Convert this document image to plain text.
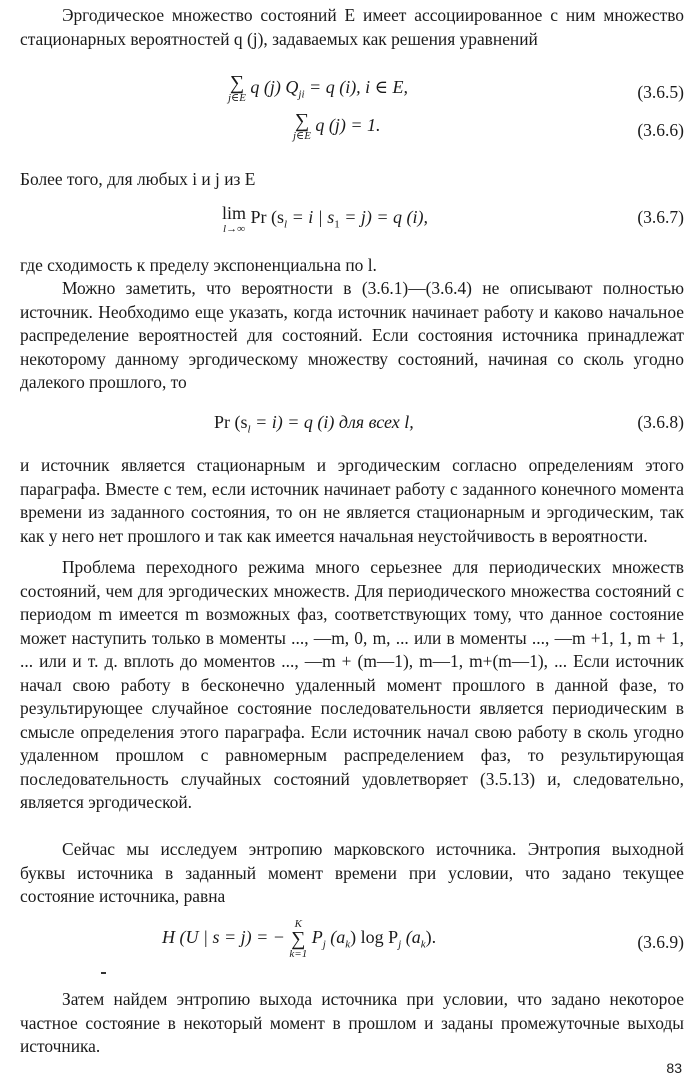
Эргодическое множество состояний E имеет ассоциированное с ним множество стационарных вероятностей q (j), задаваемых как решения уравнений

∑
j∈E
q (j) $Q_{ji} = q$ (i), i ∈ E,	(3.6.5)
∑
j∈E
q (j) = 1.	(3.6.6)

Более того, для любых i и j из E

lim
l→∞
Pr ($s_l = i$ | $s_1 = j) = q$ (i),	(3.6.7)

где сходимость к пределу экспоненциальна по l.

Можно заметить, что вероятности в (3.6.1)—(3.6.4) не описывают полностью источник. Необходимо еще указать, когда источник начинает работу и каково начальное распределение вероятностей для состояний. Если состояния источника принадлежат некоторому данному эргодическому множеству состояний, начиная со сколь угодно далекого прошлого, то

Pr $(s_l = i) = q$ (i) для всех l,	(3.6.8)

и источник является стационарным и эргодическим согласно определениям этого параграфа. Вместе с тем, если источник начинает работу с заданного конечного момента времени из заданного состояния, то он не является стационарным и эргодическим, так как у него нет прошлого и так как имеется начальная неустойчивость в вероятности.

Проблема переходного режима много серьезнее для периодических множеств состояний, чем для эргодических множеств. Для периодического множества состояний с периодом m имеется m возможных фаз, соответствующих тому, что данное состояние может наступить только в моменты ..., —m, 0, m, ... или в моменты ..., —m +1, 1, m + 1, ... или и т. д. вплоть до моментов ..., —m + (m—1), m—1, m+(m—1), ... Если источник начал свою работу в бесконечно удаленный момент прошлого в данной фазе, то результирующее случайное состояние последовательности является периодическим в смысле определения этого параграфа. Если источник начал свою работу в сколь угодно удаленном прошлом с равномерным распределением фаз, то результирующая последовательность случайных состояний удовлетворяет (3.5.13) и, следовательно, является эргодической.

Сейчас мы исследуем энтропию марковского источника. Энтропия выходной буквы источника в заданный момент времени при условии, что задано текущее состояние источника, равна

H (U | s = j) = −
K
∑
k=1
$P_j$ $(a_k)$ $\log P_j$ $(a_k)$.	(3.6.9)

Затем найдем энтропию выхода источника при условии, что задано некоторое частное состояние в некоторый момент в прошлом и заданы промежуточные выходы источника.

83
